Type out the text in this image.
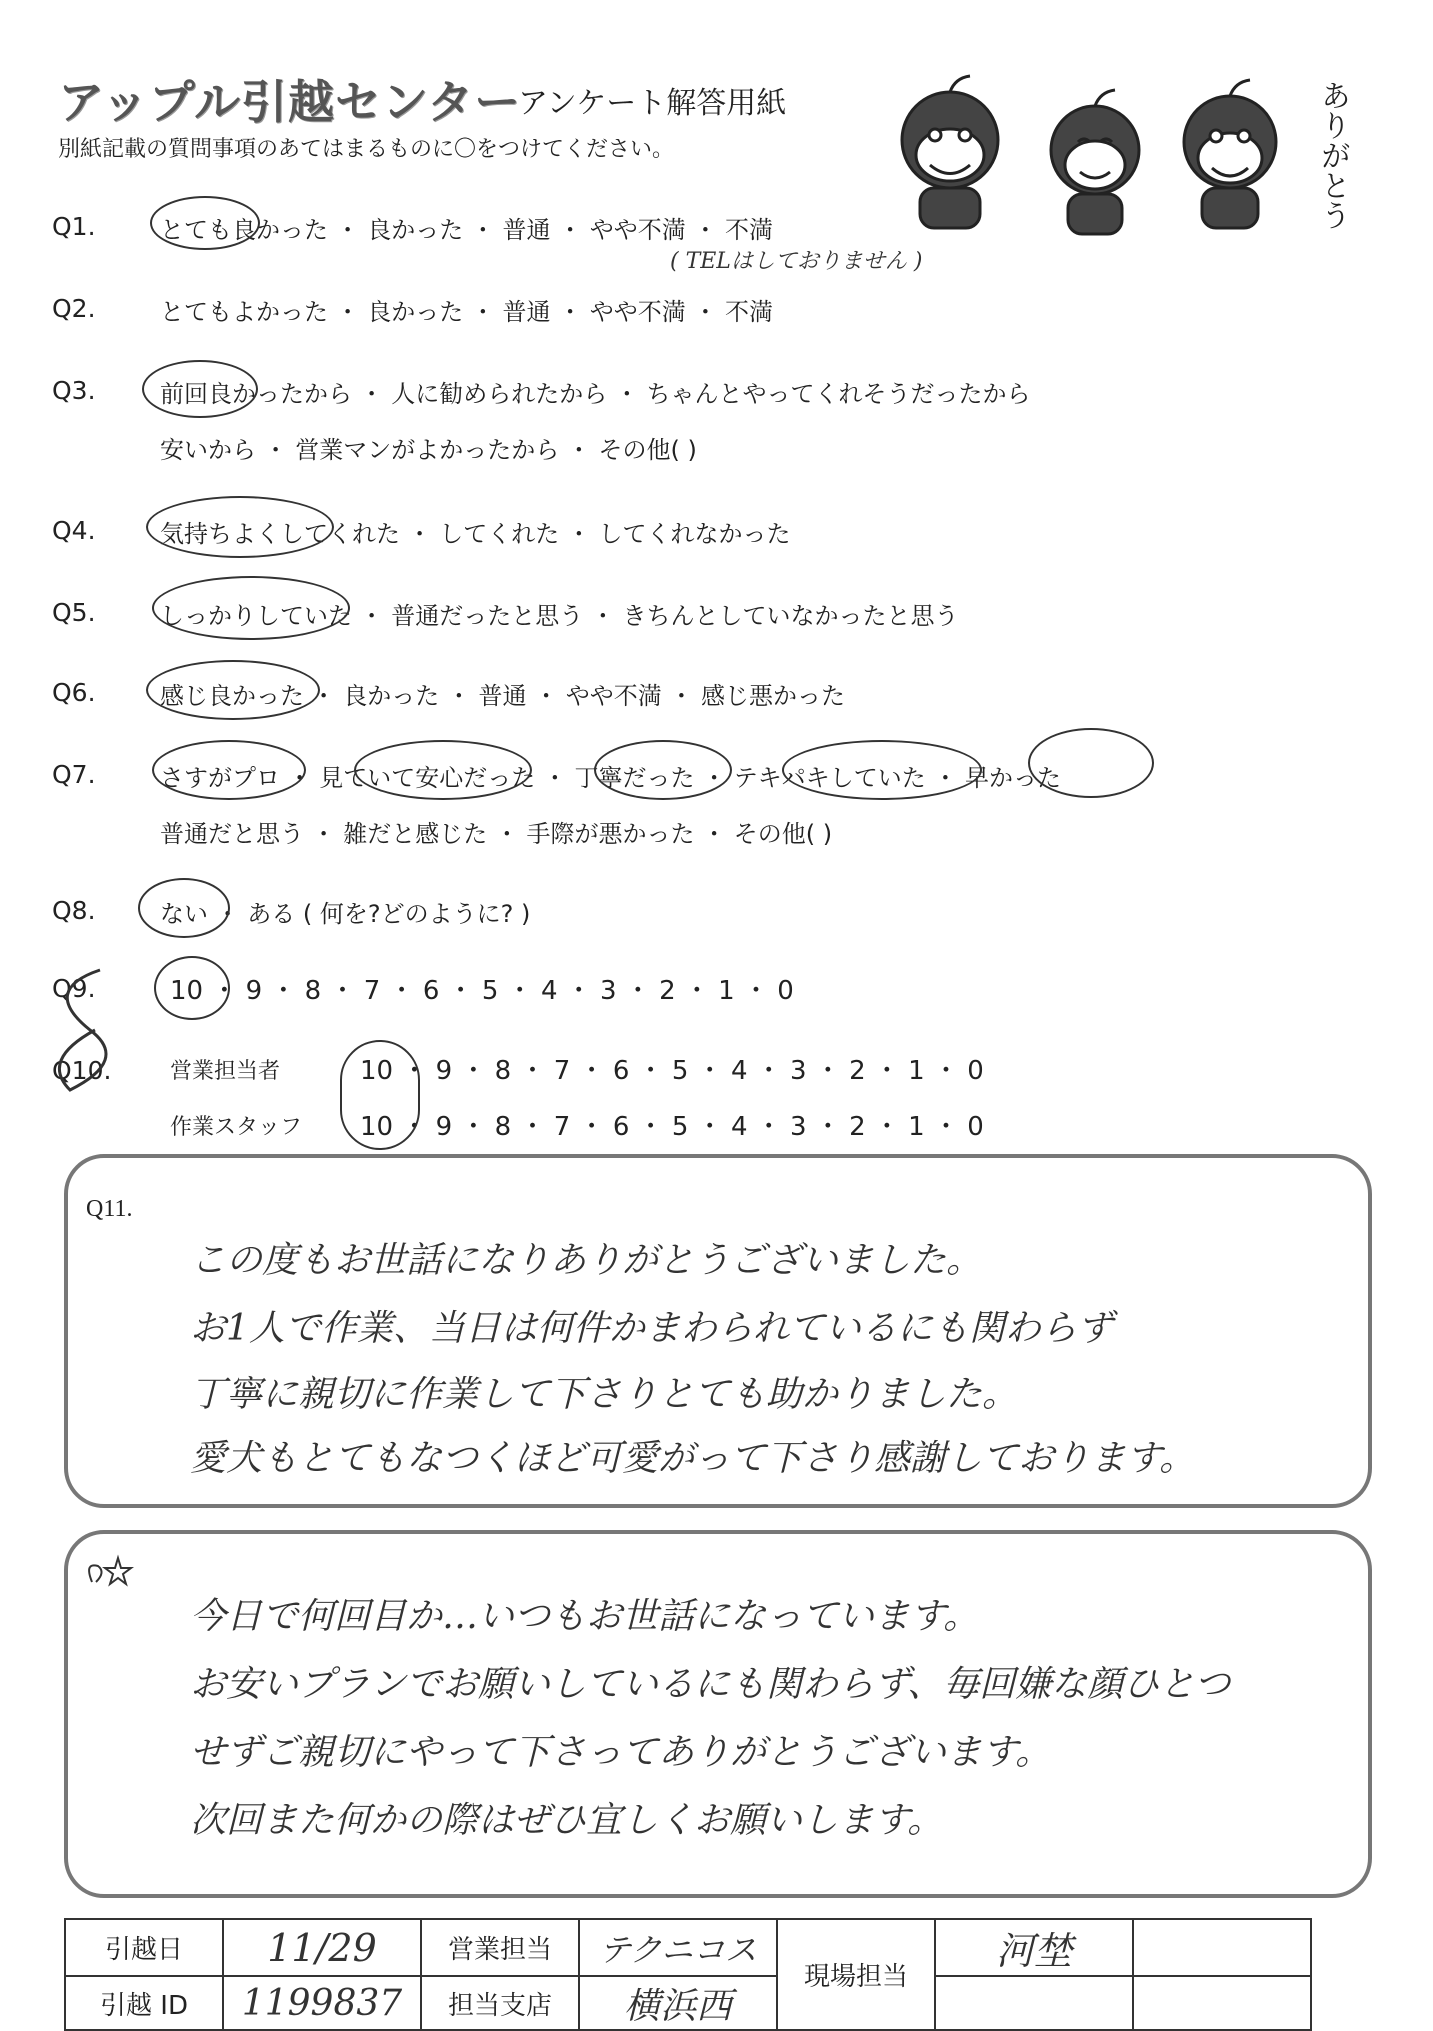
アップル引越センター
アンケート解答用紙
別紙記載の質問事項のあてはまるものに〇をつけてください。	ありがとう
Q1.	とても良かった ・ 良かった ・ 普通 ・ やや不満 ・ 不満
( TELはしておりません )
Q2.	とてもよかった ・ 良かった ・ 普通 ・ やや不満 ・ 不満
Q3.	前回良かったから ・ 人に勧められたから ・ ちゃんとやってくれそうだったから
安いから ・ 営業マンがよかったから ・ その他( )
Q4.	気持ちよくしてくれた ・ してくれた ・ してくれなかった
Q5.	しっかりしていた ・ 普通だったと思う ・ きちんとしていなかったと思う
Q6.	感じ良かった ・ 良かった ・ 普通 ・ やや不満 ・ 感じ悪かった
Q7.	さすがプロ ・ 見ていて安心だった ・ 丁寧だった ・ テキパキしていた ・ 早かった
普通だと思う ・ 雑だと感じた ・ 手際が悪かった ・ その他( )
Q8.	ない ・ ある ( 何を?どのように? )
Q9.	10 ・ 9 ・ 8 ・ 7 ・ 6 ・ 5 ・ 4 ・ 3 ・ 2 ・ 1 ・ 0
Q10.	営業担当者	10 ・ 9 ・ 8 ・ 7 ・ 6 ・ 5 ・ 4 ・ 3 ・ 2 ・ 1 ・ 0
作業スタッフ 10 ・ 9 ・ 8 ・ 7 ・ 6 ・ 5 ・ 4 ・ 3 ・ 2 ・ 1 ・ 0
Q11.
この度もお世話になりありがとうございました。
お1人で作業、当日は何件かまわられているにも関わらず
丁寧に親切に作業して下さりとても助かりました。
愛犬もとてもなつくほど可愛がって下さり感謝しております。
今日で何回目か…いつもお世話になっています。
お安いプランでお願いしているにも関わらず、毎回嫌な顔ひとつ
せずご親切にやって下さってありがとうございます。
次回また何かの際はぜひ宜しくお願いします。
引越日	11/29	営業担当	テクニコス	現場担当	河埜	
引越 ID	1199837	担当支店	横浜西			
